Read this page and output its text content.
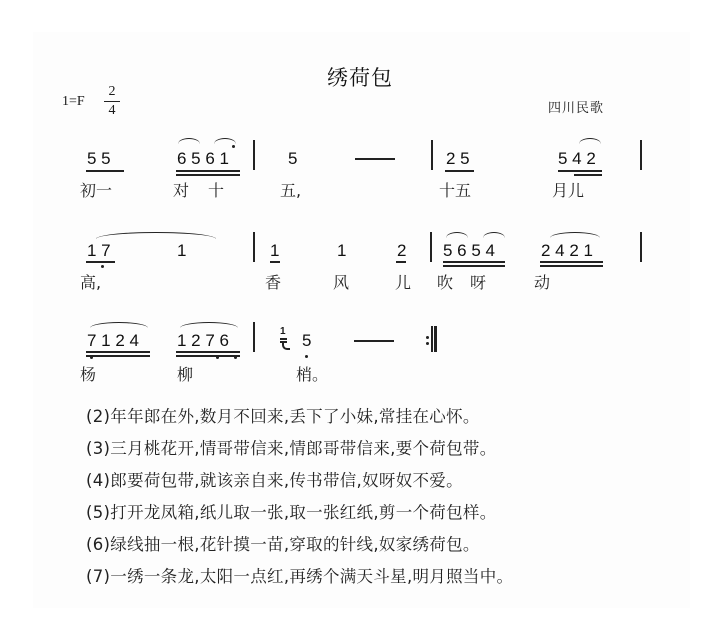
绣荷包
1=F
2
4	四川民歌
5 5	6 5 6 1	5	2 5	5 4 2
初一	对 十	五,	十五	月儿
1 7	1	1	1	2 5 6 5 4	2 4 2 1
高,	香	风	儿 吹 呀	动
7 1 2 4 1 2 7 6	1 5
杨	柳	梢。
(2)年年郎在外,数月不回来,丢下了小妹,常挂在心怀。
(3)三月桃花开,情哥带信来,情郎哥带信来,要个荷包带。
(4)郎要荷包带,就该亲自来,传书带信,奴呀奴不爱。
(5)打开龙凤箱,纸儿取一张,取一张红纸,剪一个荷包样。
(6)绿线抽一根,花针摸一苗,穿取的针线,奴家绣荷包。
(7)一绣一条龙,太阳一点红,再绣个满天斗星,明月照当中。
